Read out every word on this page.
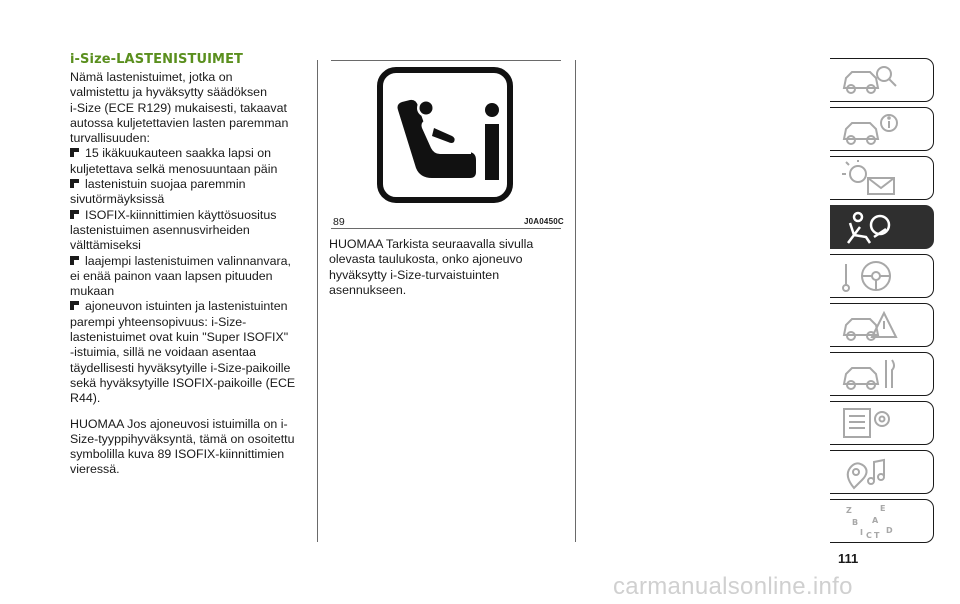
i-Size-LASTENISTUIMET
Nämä lastenistuimet, jotka on
valmistettu ja hyväksytty säädöksen
i-Size (ECE R129) mukaisesti, takaavat
autossa kuljetettavien lasten paremman
turvallisuuden:
15 ikäkuukauteen saakka lapsi on
kuljetettava selkä menosuuntaan päin
lastenistuin suojaa paremmin
sivutörmäyksissä
ISOFIX-kiinnittimien käyttösuositus
lastenistuimen asennusvirheiden
välttämiseksi
laajempi lastenistuimen valinnanvara,
ei enää painon vaan lapsen pituuden
mukaan
ajoneuvon istuinten ja lastenistuinten
parempi yhteensopivuus: i-Size-
lastenistuimet ovat kuin "Super ISOFIX"
-istuimia, sillä ne voidaan asentaa
täydellisesti hyväksytyille i-Size-paikoille
sekä hyväksytyille ISOFIX-paikoille (ECE
R44).
HUOMAA Jos ajoneuvosi istuimilla on i-
Size-tyyppihyväksyntä, tämä on osoitettu
symbolilla kuva 89 ISOFIX-kiinnittimien
vieressä.
89	J0A0450C
HUOMAA Tarkista seuraavalla sivulla
olevasta taulukosta, onko ajoneuvo
hyväksytty i-Size-turvaistuinten
asennukseen.
Z	E
B A
I C T
D
111
carmanualsonline.info
